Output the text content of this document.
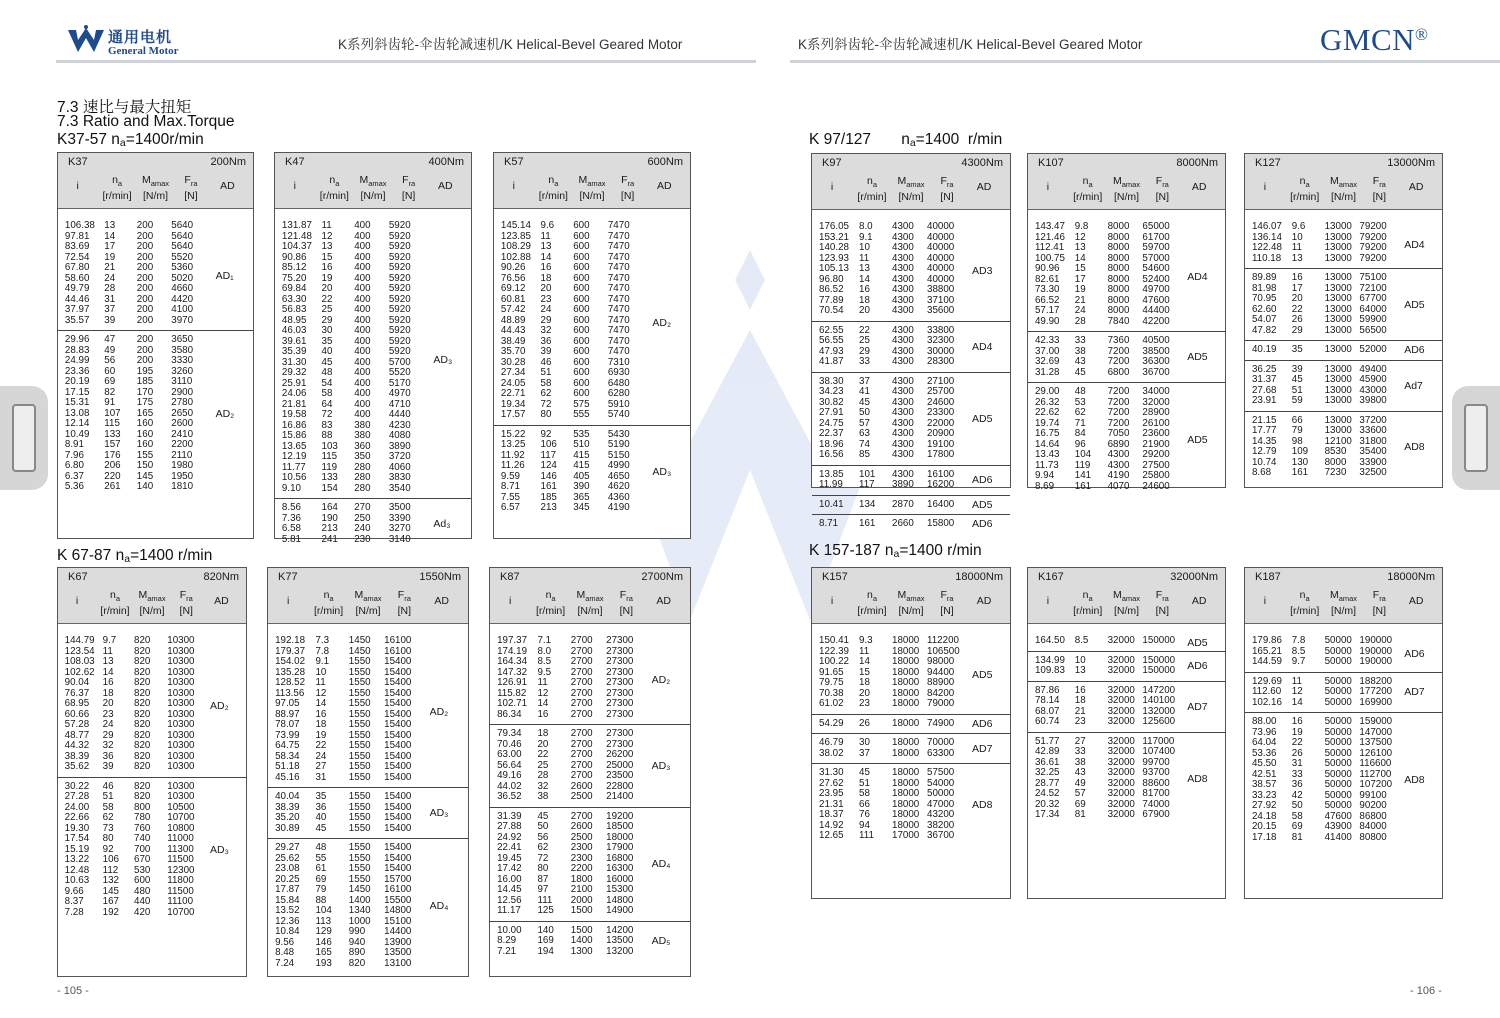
通用电机
General Motor	K系列斜齿轮-伞齿轮减速机/K Helical-Bevel Geared Motor	K系列斜齿轮-伞齿轮减速机/K Helical-Bevel Geared Motor	GMCN®
7.3 速比与最大扭矩
7.3 Ratio and Max.Torque
K37-57 na=1400r/min
K 67-87 na=1400 r/min
K 97/127       na=1400  r/min
K 157-187 na=1400 r/min
K37	200Nm
i	$n_a$
[r/min]
$M_{amax}$
[N/m]
$F_{ra}$
[N]
AD
106.38 13 200 5640
97.81 14 200 5640
83.69 17 200 5640
72.54 19 200 5520
67.80 21 200 5360
58.60 24 200 5020
49.79 28 200 4660
44.46 31 200 4420
37.97 37 200 4100
35.57 39 200 3970
AD₁
29.96 47 200 3650
28.83 49 200 3580
24.99 56 200 3330
23.36 60 195 3260
20.19 69 185 3110
17.15 82 170 2900
15.31 91 175 2780
13.08 107 165 2650
12.14 115 160 2600
10.49 133 160 2410
8.91 157 160 2200
7.96 176 155 2110
6.80 206 150 1980
6.37 220 145 1950
5.36 261 140 1810
AD₂
K47	400Nm
i	$n_a$
[r/min]
$M_{amax}$
[N/m]
$F_{ra}$
[N]
AD
131.87 11 400 5920
121.48 12 400 5920
104.37 13 400 5920
90.86 15 400 5920
85.12 16 400 5920
75.20 19 400 5920
69.84 20 400 5920
63.30 22 400 5920
56.83 25 400 5920
48.95 29 400 5920
46.03 30 400 5920
39.61 35 400 5920
35.39 40 400 5920
31.30 45 400 5700
29.32 48 400 5520
25.91 54 400 5170
24.06 58 400 4970
21.81 64 400 4710
19.58 72 400 4440
16.86 83 380 4230
15.86 88 380 4080
13.65 103 360 3890
12.19 115 350 3720
11.77 119 280 4060
10.56 133 280 3830
9.10 154 280 3540
AD₃
8.56 164 270 3500
7.36 190 250 3390
6.58 213 240 3270
5.81 241 230 3140
Ad₃
K57	600Nm
i	$n_a$
[r/min]
$M_{amax}$
[N/m]
$F_{ra}$
[N]
AD
145.14 9.6 600 7470
123.85 11 600 7470
108.29 13 600 7470
102.88 14 600 7470
90.26 16 600 7470
76.56 18 600 7470
69.12 20 600 7470
60.81 23 600 7470
57.42 24 600 7470
48.89 29 600 7470
44.43 32 600 7470
38.49 36 600 7470
35.70 39 600 7470
30.28 46 600 7310
27.34 51 600 6930
24.05 58 600 6480
22.71 62 600 6280
19.34 72 575 5910
17.57 80 555 5740
AD₂
15.22 92 535 5430
13.25 106 510 5190
11.92 117 415 5150
11.26 124 415 4990
9.59 146 405 4650
8.71 161 390 4620
7.55 185 365 4360
6.57 213 345 4190
AD₃
K67	820Nm
i	$n_a$
[r/min]
$M_{amax}$
[N/m]
$F_{ra}$
[N]
AD
144.79 9.7 820 10300
123.54 11 820 10300
108.03 13 820 10300
102.62 14 820 10300
90.04 16 820 10300
76.37 18 820 10300
68.95 20 820 10300
60.66 23 820 10300
57.28 24 820 10300
48.77 29 820 10300
44.32 32 820 10300
38.39 36 820 10300
35.62 39 820 10300
AD₂
30.22 46 820 10300
27.28 51 820 10300
24.00 58 800 10500
22.66 62 780 10700
19.30 73 760 10800
17.54 80 740 11000
15.19 92 700 11300
13.22 106 670 11500
12.48 112 530 12300
10.63 132 600 11800
9.66 145 480 11500
8.37 167 440 11100
7.28 192 420 10700
AD₃
K77	1550Nm
i	$n_a$
[r/min]
$M_{amax}$
[N/m]
$F_{ra}$
[N]
AD
192.18 7.3 1450 16100
179.37 7.8 1450 16100
154.02 9.1 1550 15400
135.28 10 1550 15400
128.52 11 1550 15400
113.56 12 1550 15400
97.05 14 1550 15400
88.97 16 1550 15400
78.07 18 1550 15400
73.99 19 1550 15400
64.75 22 1550 15400
58.34 24 1550 15400
51.18 27 1550 15400
45.16 31 1550 15400
AD₂
40.04 35 1550 15400
38.39 36 1550 15400
35.20 40 1550 15400
30.89 45 1550 15400
AD₃
29.27 48 1550 15400
25.62 55 1550 15400
23.08 61 1550 15400
20.25 69 1550 15700
17.87 79 1450 16100
15.84 88 1400 15500
13.52 104 1340 14800
12.36 113 1000 15100
10.84 129 990 14400
9.56 146 940 13900
8.48 165 890 13500
7.24 193 820 13100
AD₄
K87	2700Nm
i	$n_a$
[r/min]
$M_{amax}$
[N/m]
$F_{ra}$
[N]
AD
197.37 7.1 2700 27300
174.19 8.0 2700 27300
164.34 8.5 2700 27300
147.32 9.5 2700 27300
126.91 11 2700 27300
115.82 12 2700 27300
102.71 14 2700 27300
86.34 16 2700 27300
AD₂
79.34 18 2700 27300
70.46 20 2700 27300
63.00 22 2700 26200
56.64 25 2700 25000
49.16 28 2700 23500
44.02 32 2600 22800
36.52 38 2500 21400
AD₃
31.39 45 2700 19200
27.88 50 2600 18500
24.92 56 2500 18000
22.41 62 2300 17900
19.45 72 2300 16800
17.42 80 2200 16300
16.00 87 1800 16000
14.45 97 2100 15300
12.56 111 2000 14800
11.17 125 1500 14900
AD₄
10.00 140 1500 14200
8.29 169 1400 13500
7.21 194 1300 13200
AD₅
K97	4300Nm
i	$n_a$
[r/min]
$M_{amax}$
[N/m]
$F_{ra}$
[N]
AD
176.05 8.0 4300 40000
153.21 9.1 4300 40000
140.28 10 4300 40000
123.93 11 4300 40000
105.13 13 4300 40000
96.80 14 4300 40000
86.52 16 4300 38800
77.89 18 4300 37100
70.54 20 4300 35600
AD3
62.55 22 4300 33800
56.55 25 4300 32300
47.93 29 4300 30000
41.87 33 4300 28300
AD4
38.30 37 4300 27100
34.23 41 4300 25700
30.82 45 4300 24600
27.91 50 4300 23300
24.75 57 4300 22000
22.37 63 4300 20900
18.96 74 4300 19100
16.56 85 4300 17800
AD5
13.85 101 4300 16100
11.99 117 3890 16200 AD6
10.41 134 2870 16400 AD5
8.71 161 2660 15800 AD6
K107	8000Nm
i	$n_a$
[r/min]
$M_{amax}$
[N/m]
$F_{ra}$
[N]
AD
143.47 9.8 8000 65000
121.46 12 8000 61700
112.41 13 8000 59700
100.75 14 8000 57000
90.96 15 8000 54600
82.61 17 8000 52400
73.30 19 8000 49700
66.52 21 8000 47600
57.17 24 8000 44400
49.90 28 7840 42200
AD4
42.33 33 7360 40500
37.00 38 7200 38500
32.69 43 7200 36300
31.28 45 6800 36700
AD5
29.00 48 7200 34000
26.32 53 7200 32000
22.62 62 7200 28900
19.74 71 7200 26100
16.75 84 7050 23600
14.64 96 6890 21900
13.43 104 4300 29200
11.73 119 4300 27500
9.94 141 4190 25800
8.69 161 4070 24600
AD5
K127	13000Nm
i	$n_a$
[r/min]
$M_{amax}$
[N/m]
$F_{ra}$
[N]
AD
146.07 9.6 13000 79200
136.14 10 13000 79200
122.48 11 13000 79200
110.18 13 13000 79200
AD4
89.89 16 13000 75100
81.98 17 13000 72100
70.95 20 13000 67700
62.60 22 13000 64000
54.07 26 13000 59900
47.82 29 13000 56500
AD5
40.19 35 13000 52000 AD6
36.25 39 13000 49400
31.37 45 13000 45900
27.68 51 13000 43000
23.91 59 13000 39800
Ad7
21.15 66 13000 37200
17.77 79 13000 33600
14.35 98 12100 31800
12.79 109 8530 35400
10.74 130 8000 33900
8.68 161 7230 32500
AD8
K157	18000Nm
i	$n_a$
[r/min]
$M_{amax}$
[N/m]
$F_{ra}$
[N]
AD
150.41 9.3 18000 112200
122.39 11 18000 106500
100.22 14 18000 98000
91.65 15 18000 94400
79.75 18 18000 88900
70.38 20 18000 84200
61.02 23 18000 79000
AD5
54.29 26 18000 74900 AD6
46.79 30 18000 70000
38.02 37 18000 63300 AD7
31.30 45 18000 57500
27.62 51 18000 54000
23.95 58 18000 50000
21.31 66 18000 47000
18.37 76 18000 43200
14.92 94 18000 38200
12.65 111 17000 36700
AD8
K167	32000Nm
i	$n_a$
[r/min]
$M_{amax}$
[N/m]
$F_{ra}$
[N]
AD
164.50 8.5 32000 150000 AD5
134.99 10 32000 150000
109.83 13 32000 150000 AD6
87.86 16 32000 147200
78.14 18 32000 140100
68.07 21 32000 132000
60.74 23 32000 125600
AD7
51.77 27 32000 117000
42.89 33 32000 107400
36.61 38 32000 99700
32.25 43 32000 93700
28.77 49 32000 88600
24.52 57 32000 81700
20.32 69 32000 74000
17.34 81 32000 67900
AD8
K187	18000Nm
i	$n_a$
[r/min]
$M_{amax}$
[N/m]
$F_{ra}$
[N]
AD
179.86 7.8 50000 190000
165.21 8.5 50000 190000
144.59 9.7 50000 190000
AD6
129.69 11 50000 188200
112.60 12 50000 177200
102.16 14 50000 169900
AD7
88.00 16 50000 159000
73.96 19 50000 147000
64.04 22 50000 137500
53.36 26 50000 126100
45.50 31 50000 116600
42.51 33 50000 112700
38.57 36 50000 107200
33.23 42 50000 99100
27.92 50 50000 90200
24.18 58 47600 86800
20.15 69 43900 84000
17.18 81 41400 80800
AD8
- 105 -	- 106 -
